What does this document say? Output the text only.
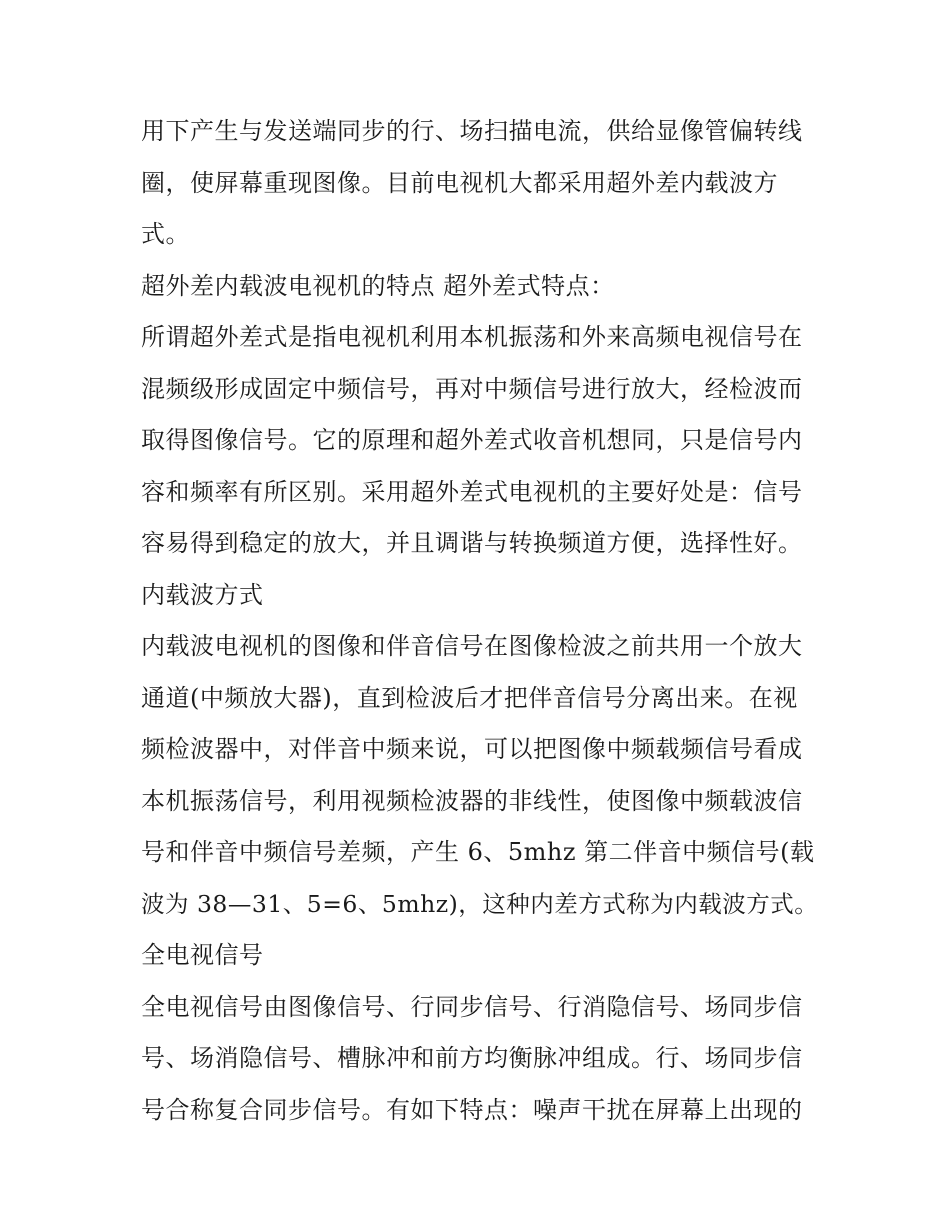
用下产生与发送端同步的行、场扫描电流，供给显像管偏转线
圈，使屏幕重现图像。目前电视机大都采用超外差内载波方
式。
超外差内载波电视机的特点 超外差式特点：
所谓超外差式是指电视机利用本机振荡和外来高频电视信号在
混频级形成固定中频信号，再对中频信号进行放大，经检波而
取得图像信号。它的原理和超外差式收音机想同，只是信号内
容和频率有所区别。采用超外差式电视机的主要好处是：信号
容易得到稳定的放大，并且调谐与转换频道方便，选择性好。
内载波方式
内载波电视机的图像和伴音信号在图像检波之前共用一个放大
通道(中频放大器)，直到检波后才把伴音信号分离出来。在视
频检波器中，对伴音中频来说，可以把图像中频载频信号看成
本机振荡信号，利用视频检波器的非线性，使图像中频载波信
号和伴音中频信号差频，产生 6、5mhz 第二伴音中频信号(载
波为 38—31、5=6、5mhz)，这种内差方式称为内载波方式。
全电视信号
全电视信号由图像信号、行同步信号、行消隐信号、场同步信
号、场消隐信号、槽脉冲和前方均衡脉冲组成。行、场同步信
号合称复合同步信号。有如下特点：噪声干扰在屏幕上出现的
